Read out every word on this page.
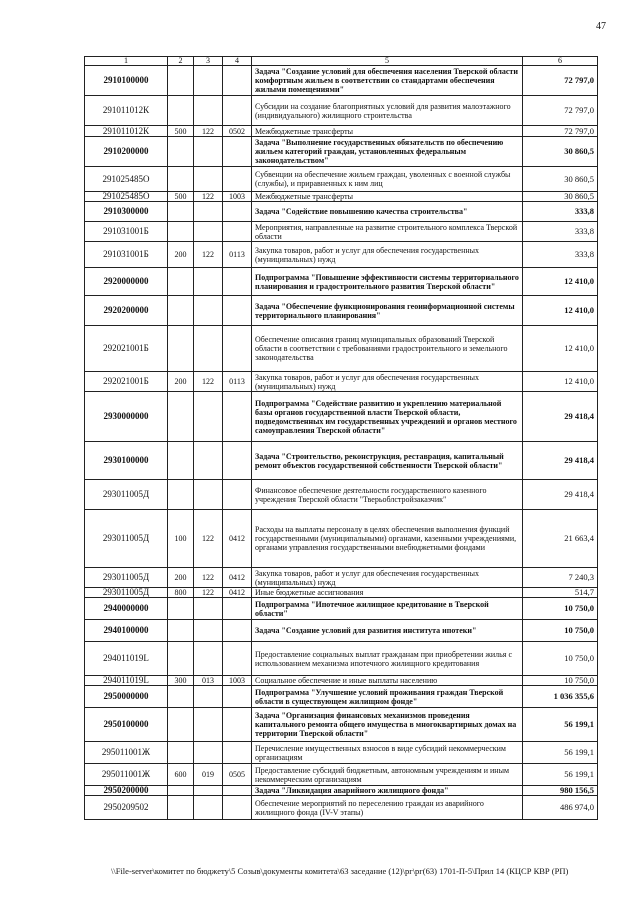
47
1	2	3	4	5	6
2910100000				Задача "Создание условий для обеспечения населения Тверской области комфортным жильем в соответствии со стандартами обеспечения жилыми помещениями"	72 797,0
291011012К				Субсидии на создание благоприятных условий для развития малоэтажного (индивидуального) жилищного строительства	72 797,0
291011012К	500	122	0502	Межбюджетные трансферты	72 797,0
2910200000				Задача "Выполнение государственных обязательств по обеспечению жильем категорий граждан, установленных федеральным законодательством"	30 860,5
291025485О				Субвенции на обеспечение жильем граждан, уволенных с военной службы (службы), и приравненных к ним лиц	30 860,5
291025485О	500	122	1003	Межбюджетные трансферты	30 860,5
2910300000				Задача "Содействие повышению качества строительства"	333,8
291031001Б				Мероприятия, направленные на развитие строительного комплекса Тверской области	333,8
291031001Б	200	122	0113	Закупка товаров, работ и услуг для обеспечения государственных (муниципальных) нужд	333,8
2920000000				Подпрограмма "Повышение эффективности системы территориального планирования и градостроительного развития Тверской области"	12 410,0
2920200000				Задача "Обеспечение функционирования геоинформационной системы территориального планирования"	12 410,0
292021001Б				Обеспечение описания границ муниципальных образований Тверской области в соответствии с требованиями градостроительного и земельного законодательства	12 410,0
292021001Б	200	122	0113	Закупка товаров, работ и услуг для обеспечения государственных (муниципальных) нужд	12 410,0
2930000000				Подпрограмма "Содействие развитию и укреплению материальной базы органов государственной власти Тверской области, подведомственных им государственных учреждений и органов местного самоуправления Тверской области"	29 418,4
2930100000				Задача "Строительство, реконструкция, реставрация, капитальный ремонт объектов государственной собственности Тверской области"	29 418,4
293011005Д				Финансовое обеспечение деятельности государственного казенного учреждения Тверской области "Тверьоблстройзаказчик"	29 418,4
293011005Д	100	122	0412	Расходы на выплаты персоналу в целях обеспечения выполнения функций государственными (муниципальными) органами, казенными учреждениями, органами управления государственными внебюджетными фондами	21 663,4
293011005Д	200	122	0412	Закупка товаров, работ и услуг для обеспечения государственных (муниципальных) нужд	7 240,3
293011005Д	800	122	0412	Иные бюджетные ассигнования	514,7
2940000000				Подпрограмма "Ипотечное жилищное кредитование в Тверской области"	10 750,0
2940100000				Задача "Создание условий для развития института ипотеки"	10 750,0
294011019L				Предоставление социальных выплат гражданам при приобретении жилья с использованием механизма ипотечного жилищного кредитования	10 750,0
294011019L	300	013	1003	Социальное обеспечение и иные выплаты населению	10 750,0
2950000000				Подпрограмма "Улучшение условий проживания граждан Тверской области в существующем жилищном фонде"	1 036 355,6
2950100000				Задача "Организация финансовых механизмов проведения капитального ремонта общего имущества в многоквартирных домах на территории Тверской области"	56 199,1
295011001Ж				Перечисление имущественных взносов в виде субсидий некоммерческим организациям	56 199,1
295011001Ж	600	019	0505	Предоставление субсидий бюджетным, автономным учреждениям и иным некоммерческим организациям	56 199,1
2950200000				Задача "Ликвидация аварийного жилищного фонда"	980 156,5
2950209502				Обеспечение мероприятий по переселению граждан из аварийного жилищного фонда (IV-V этапы)	486 974,0
\\File-server\комитет по бюджету\5 Созыв\документы комитета\63 заседание (12)\рг\рг(63) 1701-П-5\Прил 14 (КЦСР КВР (РП)
